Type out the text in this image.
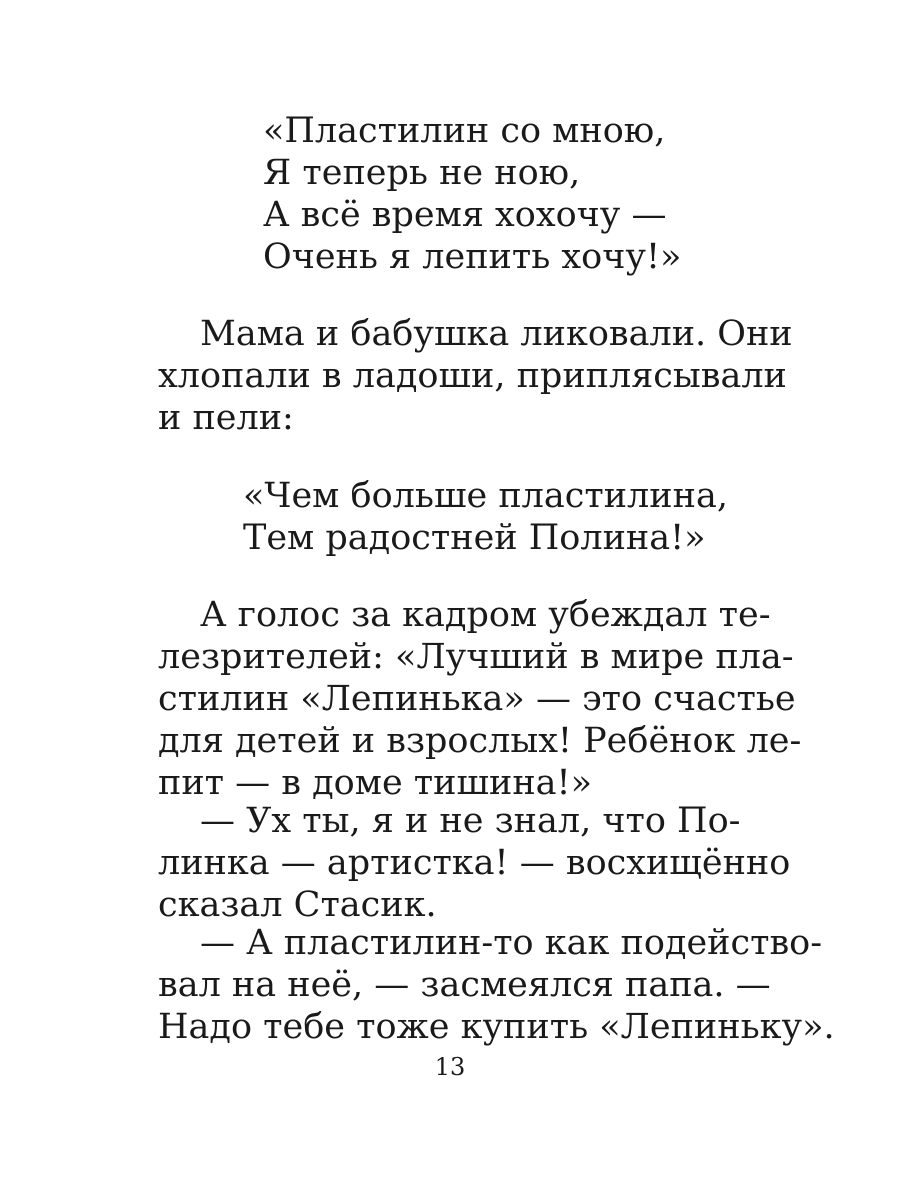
«Пластилин со мною,
Я теперь не ною,
А всё время хохочу —
Очень я лепить хочу!»
Мама и бабушка ликовали. Они
хлопали в ладоши, приплясывали
и пели:
«Чем больше пластилина,
Тем радостней Полина!»
А голос за кадром убеждал те-
лезрителей: «Лучший в мире пла-
стилин «Лепинька» — это счастье
для детей и взрослых! Ребёнок ле-
пит — в доме тишина!»
— Ух ты, я и не знал, что По-
линка — артистка! — восхищённо
сказал Стасик.
— А пластилин-то как подейство-
вал на неё, — засмеялся папа. —
Надо тебе тоже купить «Лепиньку».
13
